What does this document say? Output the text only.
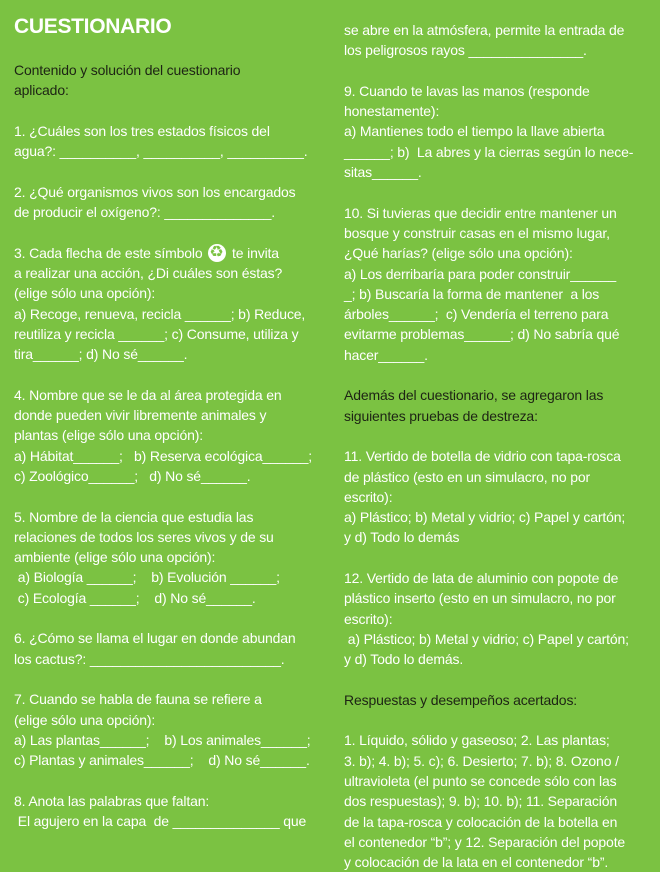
CUESTIONARIO
Contenido y solución del cuestionario aplicado:
1. ¿Cuáles son los tres estados físicos del
agua?: __________, __________, __________.
2. ¿Qué organismos vivos son los encargados
de producir el oxígeno?: ______________.
3. Cada flecha de este símbolo  ♻ te invita
a realizar una acción, ¿Di cuáles son éstas?
(elige sólo una opción):
a) Recoge, renueva, recicla ______; b) Reduce,
reutiliza y recicla ______; c) Consume, utiliza y
tira______; d) No sé______.
4. Nombre que se le da al área protegida en
donde pueden vivir libremente animales y
plantas (elige sólo una opción):
a) Hábitat______;   b) Reserva ecológica______;
c) Zoológico______;   d) No sé______.
5. Nombre de la ciencia que estudia las
relaciones de todos los seres vivos y de su
ambiente (elige sólo una opción):
a) Biología ______;    b) Evolución ______;
c) Ecología ______;    d) No sé______.
6. ¿Cómo se llama el lugar en donde abundan
los cactus?: _________________________.
7. Cuando se habla de fauna se refiere a
(elige sólo una opción):
a) Las plantas______;    b) Los animales______;
c) Plantas y animales______;    d) No sé______.
8. Anota las palabras que faltan:
El agujero en la capa  de ______________ que
se abre en la atmósfera, permite la entrada de
los peligrosos rayos _______________.
9. Cuando te lavas las manos (responde
honestamente):
a) Mantienes todo el tiempo la llave abierta
______; b)  La abres y la cierras según lo nece-
sitas______.
10. Si tuvieras que decidir entre mantener un
bosque y construir casas en el mismo lugar,
¿Qué harías? (elige sólo una opción):
a) Los derribaría para poder construir______
_; b) Buscaría la forma de mantener  a los
árboles______;  c) Vendería el terreno para
evitarme problemas______; d) No sabría qué
hacer______.
Además del cuestionario, se agregaron las
siguientes pruebas de destreza:
11. Vertido de botella de vidrio con tapa-rosca
de plástico (esto en un simulacro, no por
escrito):
a) Plástico; b) Metal y vidrio; c) Papel y cartón;
y d) Todo lo demás
12. Vertido de lata de aluminio con popote de
plástico inserto (esto en un simulacro, no por
escrito):
a) Plástico; b) Metal y vidrio; c) Papel y cartón;
y d) Todo lo demás.
Respuestas y desempeños acertados:
1. Líquido, sólido y gaseoso; 2. Las plantas;
3. b); 4. b); 5. c); 6. Desierto; 7. b); 8. Ozono /
ultravioleta (el punto se concede sólo con las
dos respuestas); 9. b); 10. b); 11. Separación
de la tapa-rosca y colocación de la botella en
el contenedor “b”; y 12. Separación del popote
y colocación de la lata en el contenedor “b”.
